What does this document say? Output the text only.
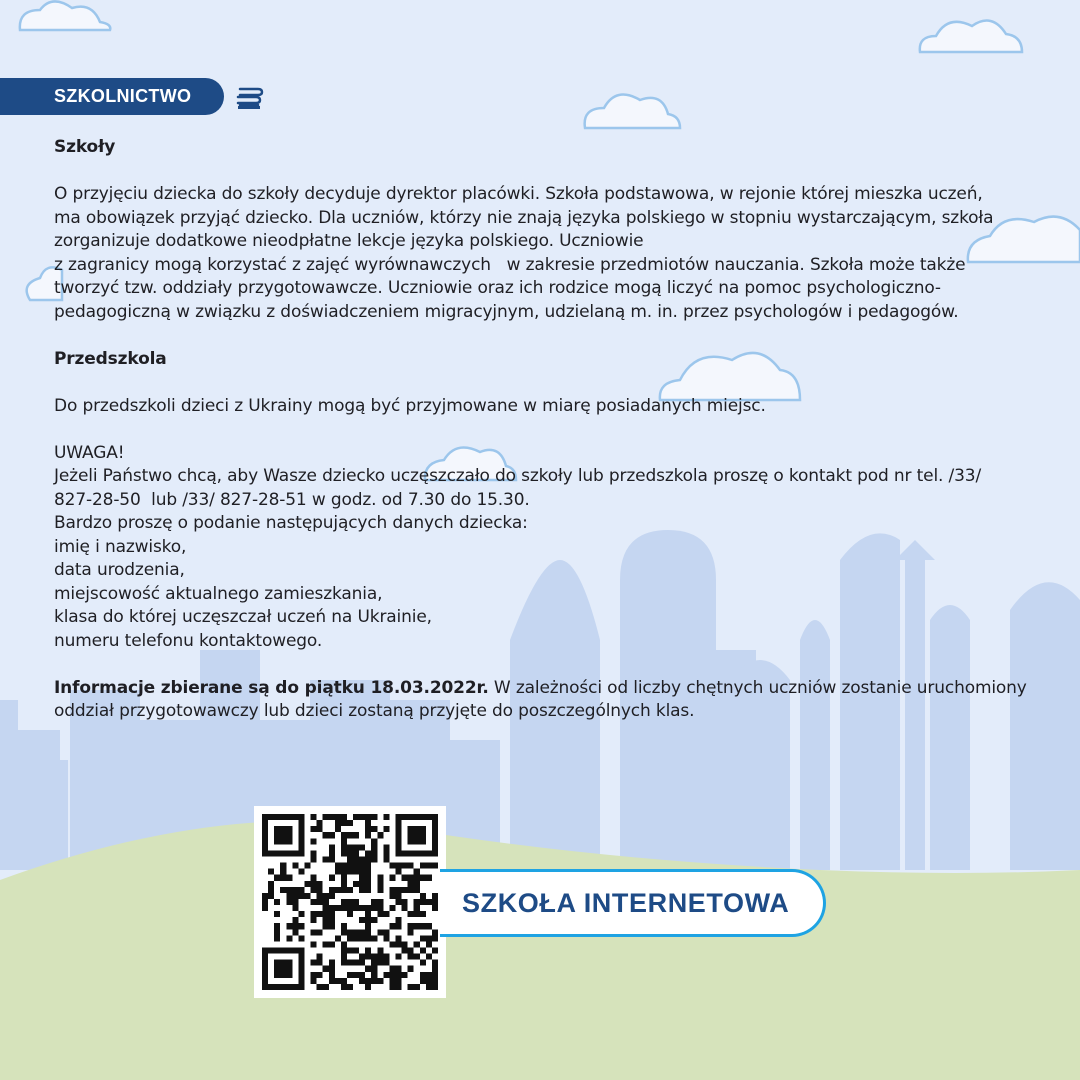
SZKOLNICTWO
Szkoły

O przyjęciu dziecka do szkoły decyduje dyrektor placówki. Szkoła podstawowa, w rejonie której mieszka uczeń,
ma obowiązek przyjąć dziecko. Dla uczniów, którzy nie znają języka polskiego w stopniu wystarczającym, szkoła
zorganizuje dodatkowe nieodpłatne lekcje języka polskiego. Uczniowie
z zagranicy mogą korzystać z zajęć wyrównawczych   w zakresie przedmiotów nauczania. Szkoła może także
tworzyć tzw. oddziały przygotowawcze. Uczniowie oraz ich rodzice mogą liczyć na pomoc psychologiczno-
pedagogiczną w związku z doświadczeniem migracyjnym, udzielaną m. in. przez psychologów i pedagogów.

Przedszkola

Do przedszkoli dzieci z Ukrainy mogą być przyjmowane w miarę posiadanych miejsc.

UWAGA!
Jeżeli Państwo chcą, aby Wasze dziecko uczęszczało do szkoły lub przedszkola proszę o kontakt pod nr tel. /33/
827-28-50  lub /33/ 827-28-51 w godz. od 7.30 do 15.30.
Bardzo proszę o podanie następujących danych dziecka:
imię i nazwisko,
data urodzenia,
miejscowość aktualnego zamieszkania,
klasa do której uczęszczał uczeń na Ukrainie,
numeru telefonu kontaktowego.

Informacje zbierane są do piątku 18.03.2022r. W zależności od liczby chętnych uczniów zostanie uruchomiony
oddział przygotowawczy lub dzieci zostaną przyjęte do poszczególnych klas.

SZKOŁA INTERNETOWA
